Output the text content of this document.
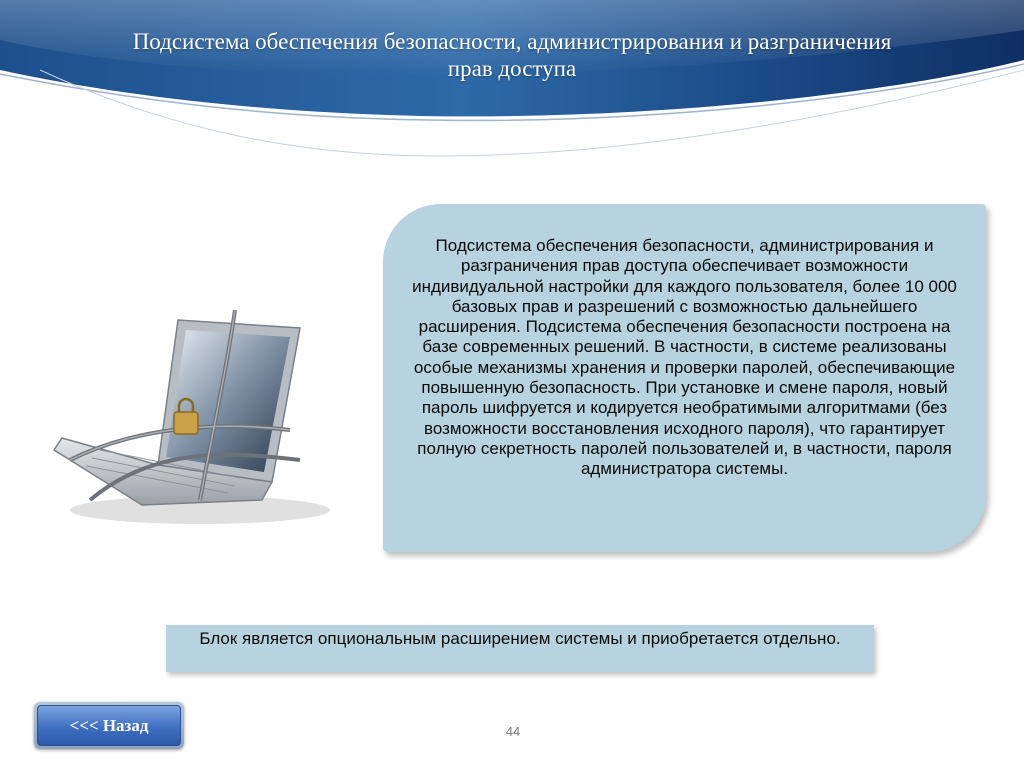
Подсистема обеспечения безопасности, администрирования и разграничения прав доступа

Подсистема обеспечения безопасности, администрирования и разграничения прав доступа обеспечивает возможности индивидуальной настройки для каждого пользователя, более 10 000 базовых прав и разрешений с возможностью дальнейшего расширения. Подсистема обеспечения безопасности построена на базе современных решений. В частности, в системе реализованы особые механизмы хранения и проверки паролей, обеспечивающие повышенную безопасность. При установке и смене пароля, новый пароль шифруется и кодируется необратимыми алгоритмами (без возможности восстановления исходного пароля), что гарантирует полную секретность паролей пользователей и, в частности, пароля администратора системы.

Блок является опциональным расширением системы и приобретается отдельно.

<<< Назад	44
